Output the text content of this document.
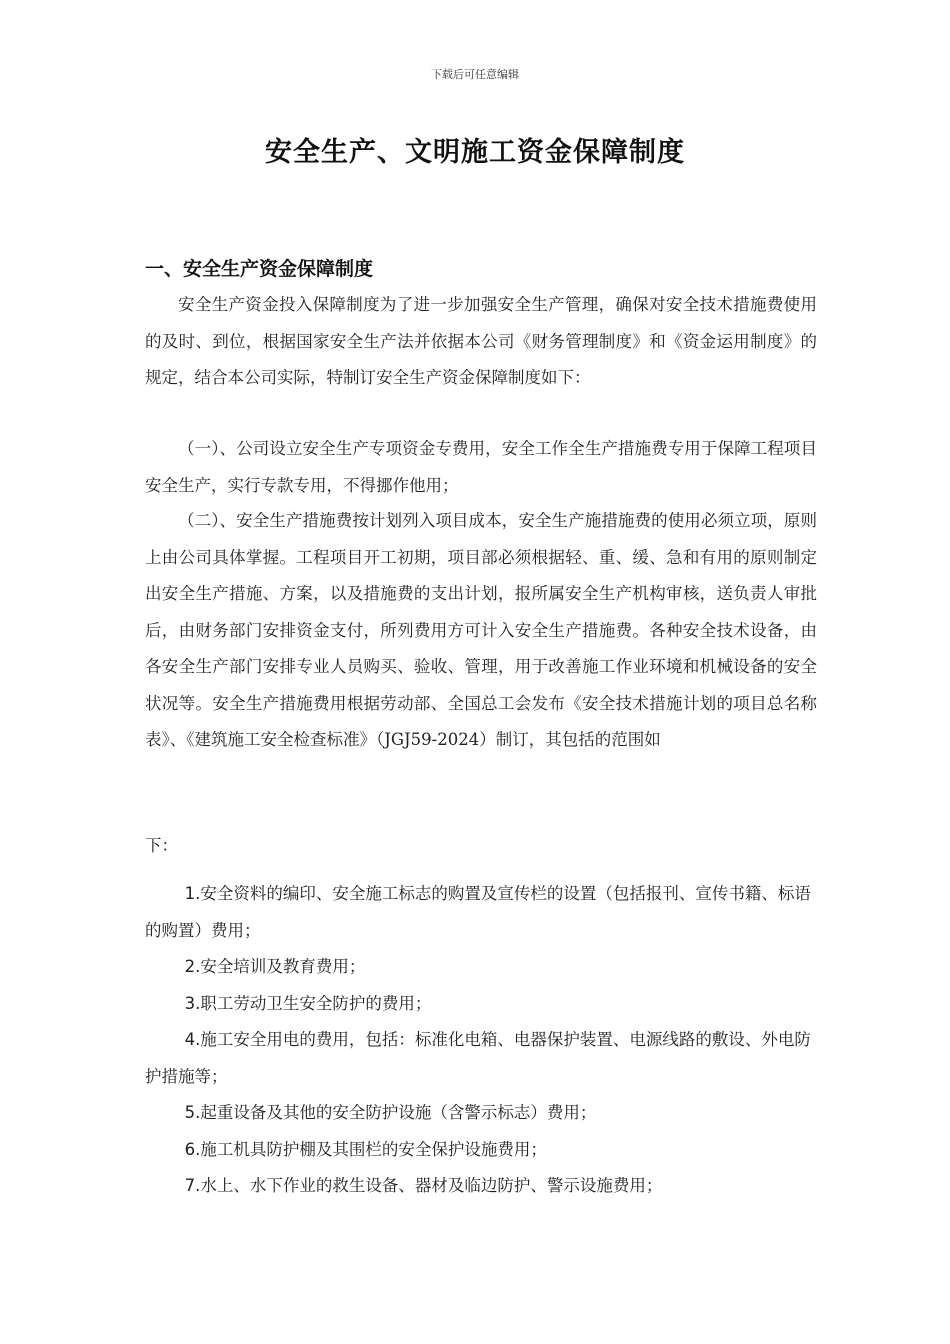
下载后可任意编辑
安全生产、文明施工资金保障制度
一、安全生产资金保障制度

安全生产资金投入保障制度为了进一步加强安全生产管理，确保对安全技术措施费使用的及时、到位，根据国家安全生产法并依据本公司《财务管理制度》和《资金运用制度》的规定，结合本公司实际，特制订安全生产资金保障制度如下：

（一）、公司设立安全生产专项资金专费用，安全工作全生产措施费专用于保障工程项目安全生产，实行专款专用，不得挪作他用；

（二）、安全生产措施费按计划列入项目成本，安全生产施措施费的使用必须立项，原则上由公司具体掌握。工程项目开工初期，项目部必须根据轻、重、缓、急和有用的原则制定出安全生产措施、方案，以及措施费的支出计划，报所属安全生产机构审核，送负责人审批后，由财务部门安排资金支付，所列费用方可计入安全生产措施费。各种安全技术设备，由各安全生产部门安排专业人员购买、验收、管理，用于改善施工作业环境和机械设备的安全状况等。安全生产措施费用根据劳动部、全国总工会发布《安全技术措施计划的项目总名称表》、《建筑施工安全检查标准》（JGJ59-2024）制订，其包括的范围如

下：

1.安全资料的编印、安全施工标志的购置及宣传栏的设置（包括报刊、宣传书籍、标语的购置）费用；
2.安全培训及教育费用；
3.职工劳动卫生安全防护的费用；
4.施工安全用电的费用，包括：标准化电箱、电器保护装置、电源线路的敷设、外电防护措施等；
5.起重设备及其他的安全防护设施（含警示标志）费用；
6.施工机具防护棚及其围栏的安全保护设施费用；
7.水上、水下作业的救生设备、器材及临边防护、警示设施费用；
